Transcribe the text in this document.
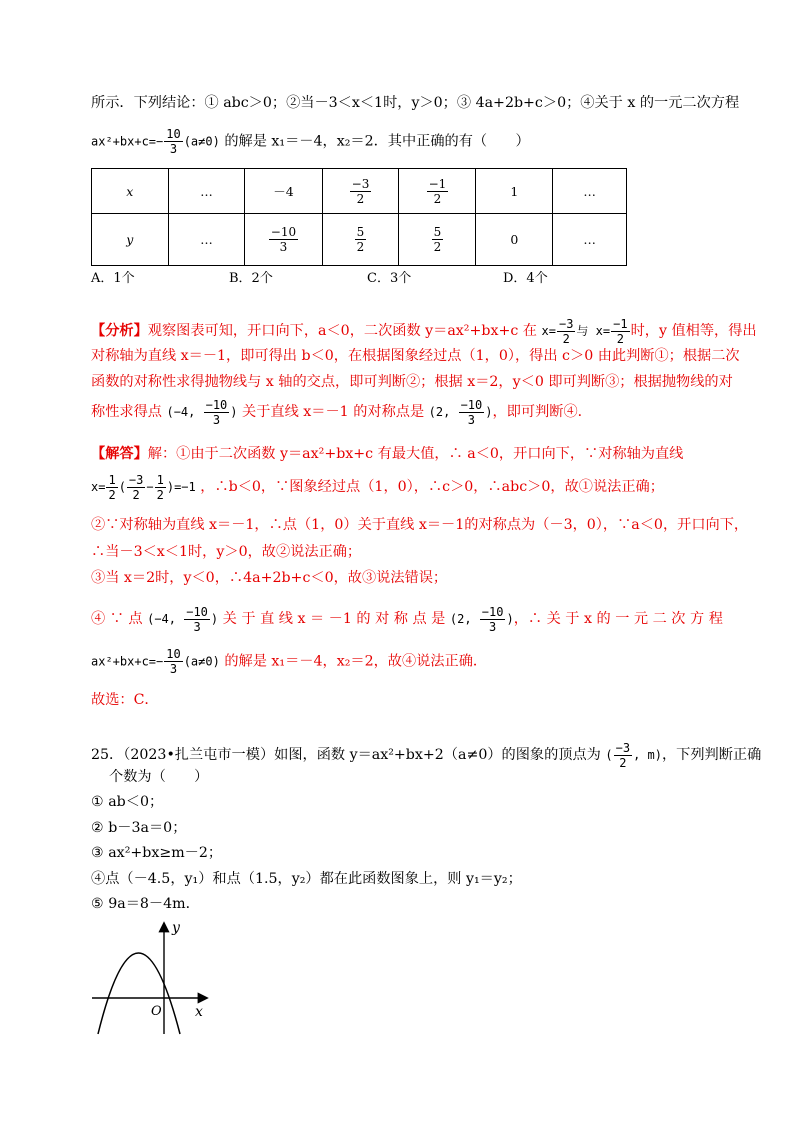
所示．下列结论：① abc＞0；②当－3＜x＜1时，y＞0；③ 4a+2b+c＞0；④关于 x 的一元二次方程
$ax^2+bx+c=- \frac{10}{3} (a\ne 0)$ 的解是 x₁＝－4，x₂＝2．其中正确的有（　　）
x	…	－4	$\frac{-3}{2}$	$\frac{-1}{2}$	1	…
y	…	$\frac{-10}{3}$	$\frac{5}{2}$	$\frac{5}{2}$	0	…
A．1个	B．2个	C．3个	D．4个
【分析】观察图表可知，开口向下，a＜0，二次函数 y＝ax²+bx+c 在 $x= \frac{-3}{2}$ 与 $x= \frac{-1}{2}$ 时，y 值相等，得出
对称轴为直线 x＝－1，即可得出 b＜0，在根据图象经过点（1，0），得出 c＞0 由此判断①；根据二次
函数的对称性求得抛物线与 x 轴的交点，即可判断②；根据 x＝2，y＜0 即可判断③；根据抛物线的对
称性求得点 (−4, $\frac{-10}{3}$ ) 关于直线 x＝－1 的对称点是 (2, $\frac{-10}{3}$ )，即可判断④．
【解答】解：①由于二次函数 y＝ax²+bx+c 有最大值，∴ a＜0，开口向下，∵对称轴为直线
$x= \frac{1}{2}$ ( $\frac{-3}{2} - \frac{1}{2} )=-1$ ，∴b＜0，∵图象经过点（1，0），∴c＞0，∴abc＞0，故①说法正确；
②∵对称轴为直线 x＝－1，∴点（1，0）关于直线 x＝－1的对称点为（－3，0），∵a＜0，开口向下，
∴当－3＜x＜1时，y＞0，故②说法正确；
③当 x＝2时，y＜0，∴4a+2b+c＜0，故③说法错误；
④ ∵ 点 (−4, $\frac{-10}{3}$ ) 关 于 直 线 x ＝ －1 的 对 称 点 是 (2, $\frac{-10}{3}$ )，∴ 关 于 x 的 一 元 二 次 方 程
$ax^2+bx+c=- \frac{10}{3} (a\ne 0)$ 的解是 x₁＝－4，x₂＝2，故④说法正确．
故选：C．
25．（2023•扎兰屯市一模）如图，函数 y＝ax²+bx+2（a≠0）的图象的顶点为 ( $\frac{-3}{2}$ , m)，下列判断正确
个数为（　　）
① ab＜0；
② b－3a＝0；
③ ax²+bx≥m－2；
④点（－4.5，y₁）和点（1.5，y₂）都在此函数图象上，则 y₁＝y₂；
⑤ 9a＝8－4m．
y
x
O
